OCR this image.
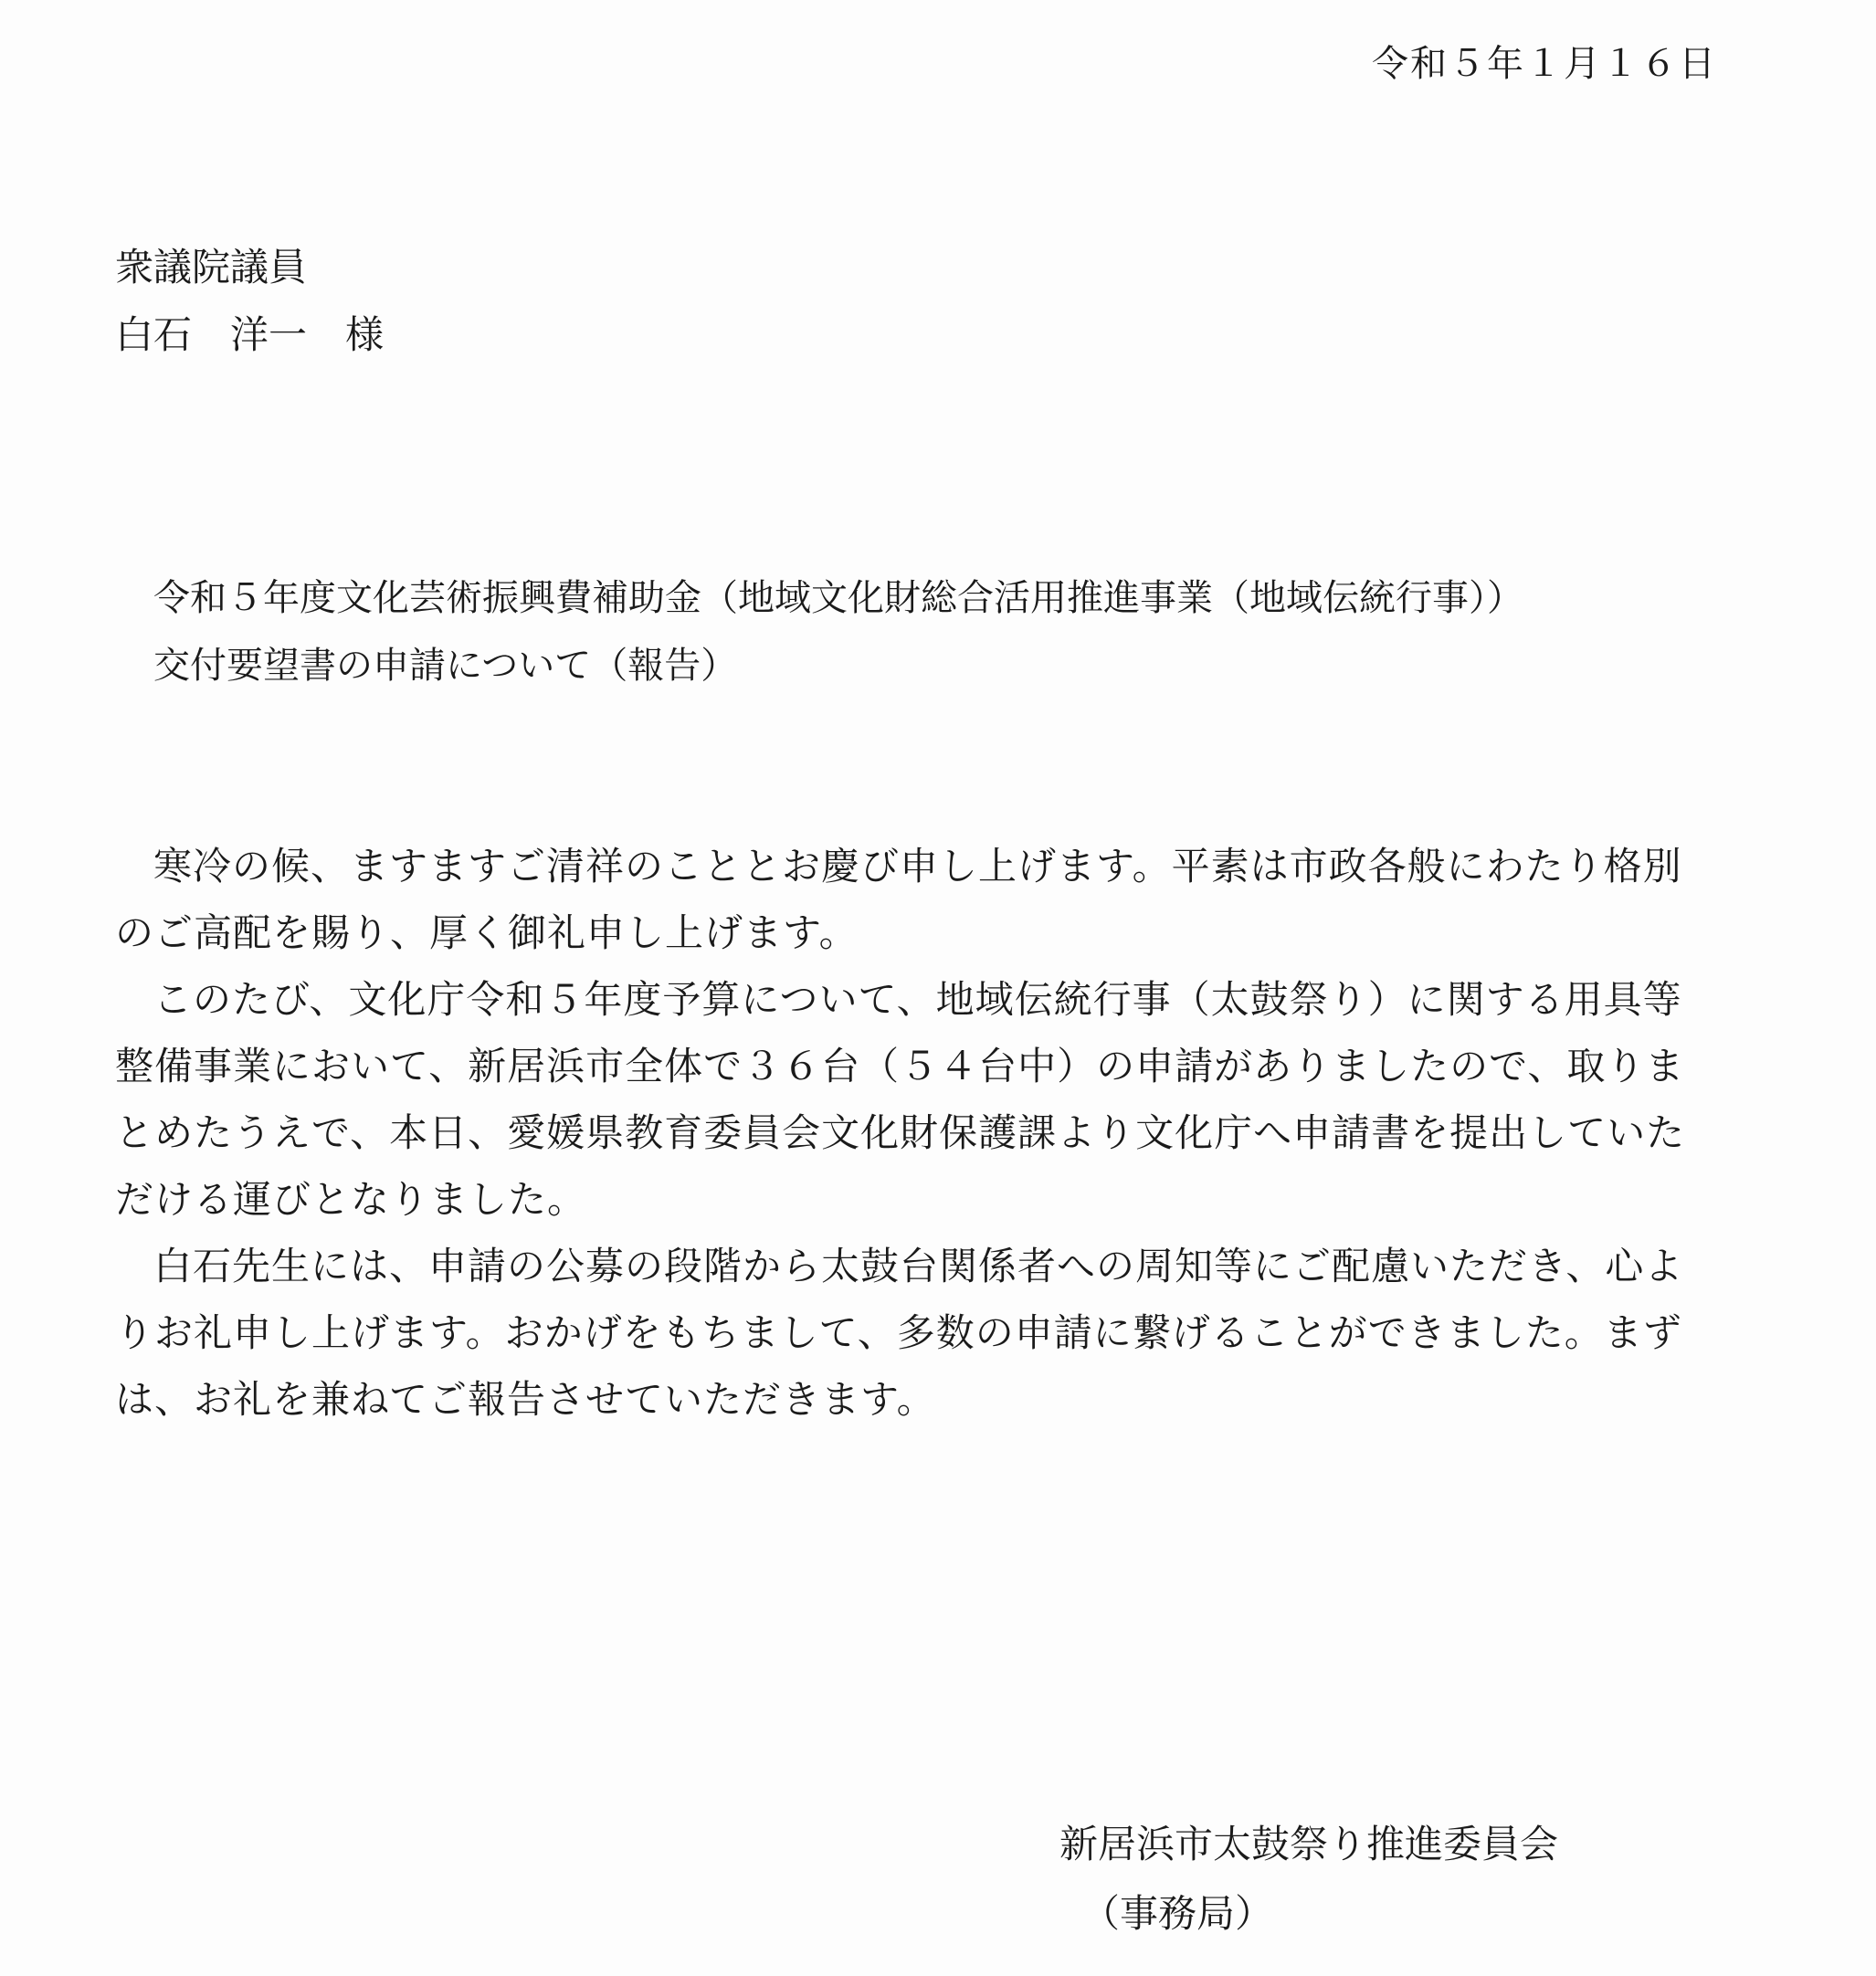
令和５年１月１６日
衆議院議員
白石　洋一　様
令和５年度文化芸術振興費補助金（地域文化財総合活用推進事業（地域伝統行事））
交付要望書の申請について（報告）

寒冷の候、ますますご清祥のこととお慶び申し上げます。平素は市政各般にわたり格別のご高配を賜り、厚く御礼申し上げます。

このたび、文化庁令和５年度予算について、地域伝統行事（太鼓祭り）に関する用具等整備事業において、新居浜市全体で３６台（５４台中）の申請がありましたので、取りまとめたうえで、本日、愛媛県教育委員会文化財保護課より文化庁へ申請書を提出していただける運びとなりました。

白石先生には、申請の公募の段階から太鼓台関係者への周知等にご配慮いただき、心よりお礼申し上げます。おかげをもちまして、多数の申請に繋げることができました。まずは、お礼を兼ねてご報告させていただきます。

新居浜市太鼓祭り推進委員会
（事務局）
